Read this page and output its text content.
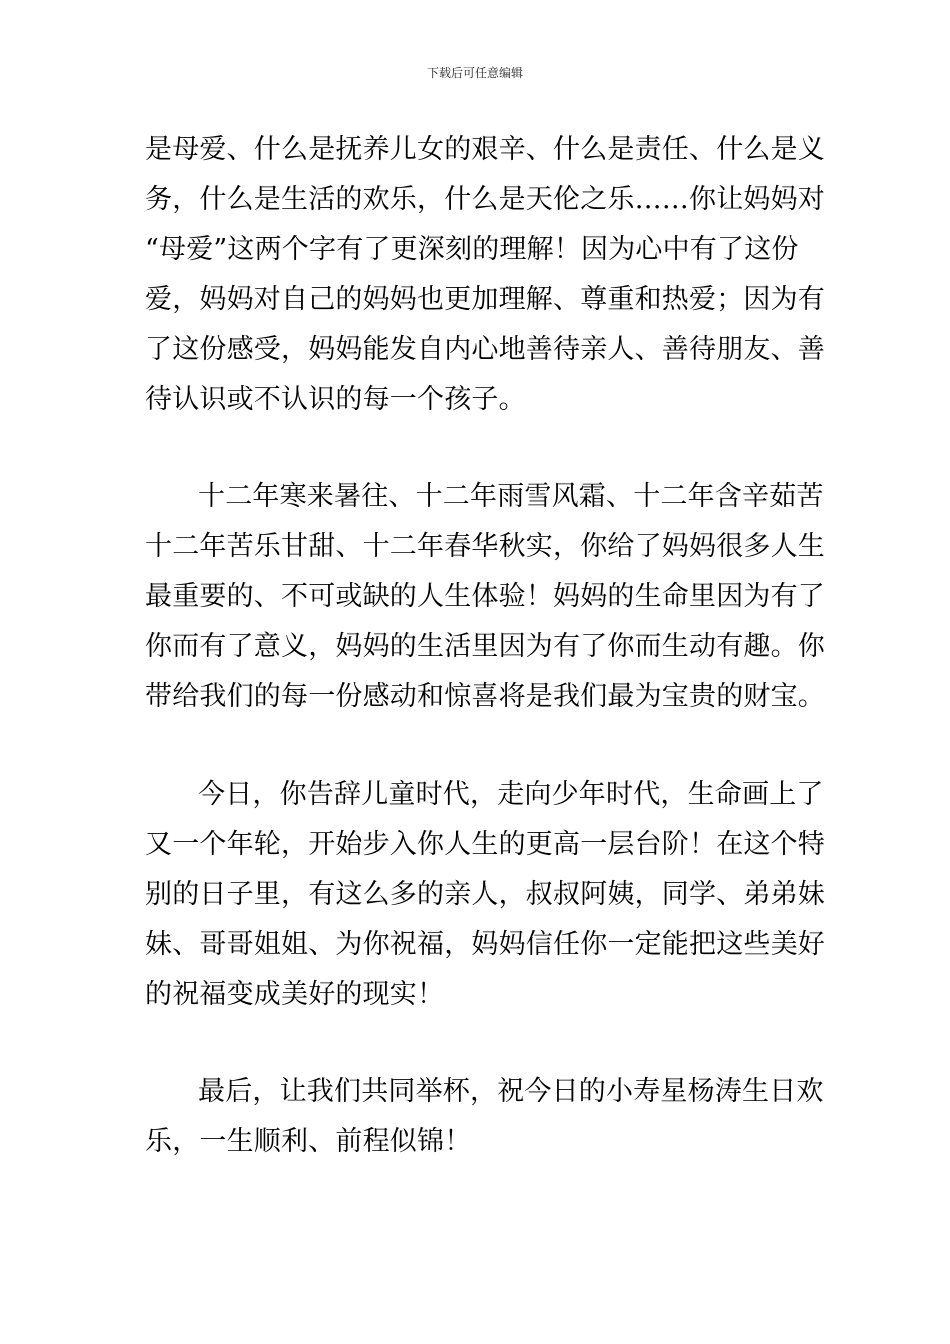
下载后可任意编辑
是母爱、什么是抚养儿女的艰辛、什么是责任、什么是义
务，什么是生活的欢乐，什么是天伦之乐……你让妈妈对
“母爱”这两个字有了更深刻的理解！因为心中有了这份
爱，妈妈对自己的妈妈也更加理解、尊重和热爱；因为有
了这份感受，妈妈能发自内心地善待亲人、善待朋友、善
待认识或不认识的每一个孩子。
十二年寒来暑往、十二年雨雪风霜、十二年含辛茹苦
十二年苦乐甘甜、十二年春华秋实，你给了妈妈很多人生
最重要的、不可或缺的人生体验！妈妈的生命里因为有了
你而有了意义，妈妈的生活里因为有了你而生动有趣。你
带给我们的每一份感动和惊喜将是我们最为宝贵的财宝。
今日，你告辞儿童时代，走向少年时代，生命画上了
又一个年轮，开始步入你人生的更高一层台阶！在这个特
别的日子里，有这么多的亲人，叔叔阿姨，同学、弟弟妹
妹、哥哥姐姐、为你祝福，妈妈信任你一定能把这些美好
的祝福变成美好的现实！
最后，让我们共同举杯，祝今日的小寿星杨涛生日欢
乐，一生顺利、前程似锦！
